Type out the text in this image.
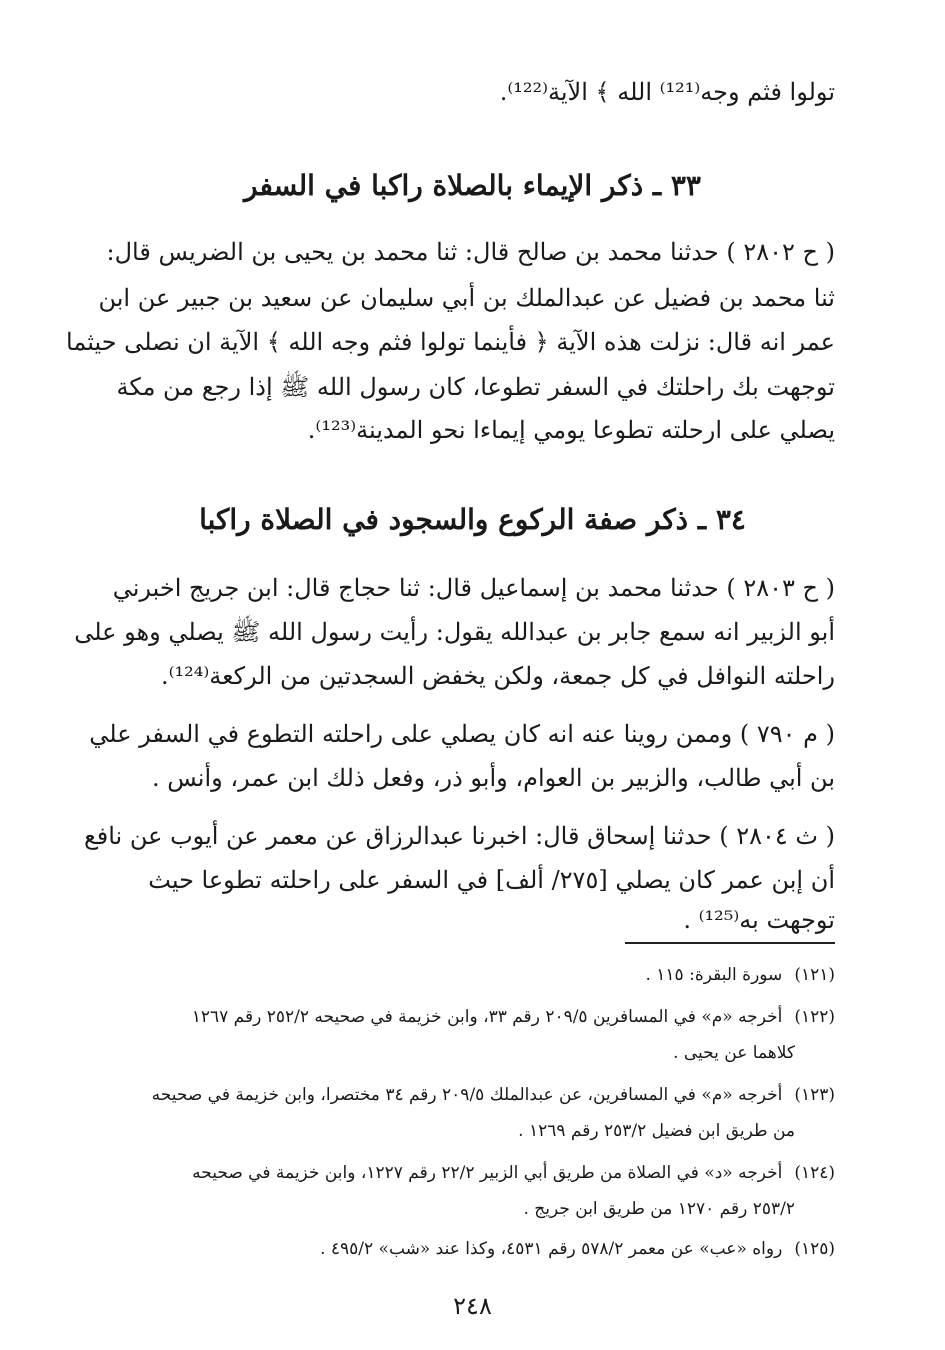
تولوا فثم وجه⁽¹²¹⁾ الله ﴾ الآية⁽¹²²⁾.
٣٣ ـ ذكر الإيماء بالصلاة راكبا في السفر
( ح ٢٨٠٢ ) حدثنا محمد بن صالح قال: ثنا محمد بن يحيى بن الضريس قال:
ثنا محمد بن فضيل عن عبدالملك بن أبي سليمان عن سعيد بن جبير عن ابن
عمر انه قال: نزلت هذه الآية ﴿ فأينما تولوا فثم وجه الله ﴾ الآية ان نصلى حيثما
توجهت بك راحلتك في السفر تطوعا، كان رسول الله ﷺ إذا رجع من مكة
يصلي على ارحلته تطوعا يومي إيماءا نحو المدينة⁽¹²³⁾.
٣٤ ـ ذكر صفة الركوع والسجود في الصلاة راكبا
( ح ٢٨٠٣ ) حدثنا محمد بن إسماعيل قال: ثنا حجاج قال: ابن جريج اخبرني
أبو الزبير انه سمع جابر بن عبدالله يقول: رأيت رسول الله ﷺ يصلي وهو على
راحلته النوافل في كل جمعة، ولكن يخفض السجدتين من الركعة⁽¹²⁴⁾.
( م ٧٩٠ ) وممن روينا عنه انه كان يصلي على راحلته التطوع في السفر علي
بن أبي طالب، والزبير بن العوام، وأبو ذر، وفعل ذلك ابن عمر، وأنس .
( ث ٢٨٠٤ ) حدثنا إسحاق قال: اخبرنا عبدالرزاق عن معمر عن أيوب عن نافع
أن إبن عمر كان يصلي [٢٧٥/ ألف] في السفر على راحلته تطوعا حيث
توجهت به⁽¹²⁵⁾ .
(١٢١)سورة البقرة: ١١٥ .
(١٢٢)أخرجه «م» في المسافرين ٢٠٩/٥ رقم ٣٣، وابن خزيمة في صحيحه ٢٥٢/٢ رقم ١٢٦٧
كلاهما عن يحيى .
(١٢٣)أخرجه «م» في المسافرين، عن عبدالملك ٢٠٩/٥ رقم ٣٤ مختصرا، وابن خزيمة في صحيحه
من طريق ابن فضيل ٢٥٣/٢ رقم ١٢٦٩ .
(١٢٤)أخرجه «د» في الصلاة من طريق أبي الزبير ٢٢/٢ رقم ١٢٢٧، وابن خزيمة في صحيحه
٢٥٣/٢ رقم ١٢٧٠ من طريق ابن جريج .
(١٢٥)رواه «عب» عن معمر ٥٧٨/٢ رقم ٤٥٣١، وكذا عند «شب» ٤٩٥/٢ .
٢٤٨
